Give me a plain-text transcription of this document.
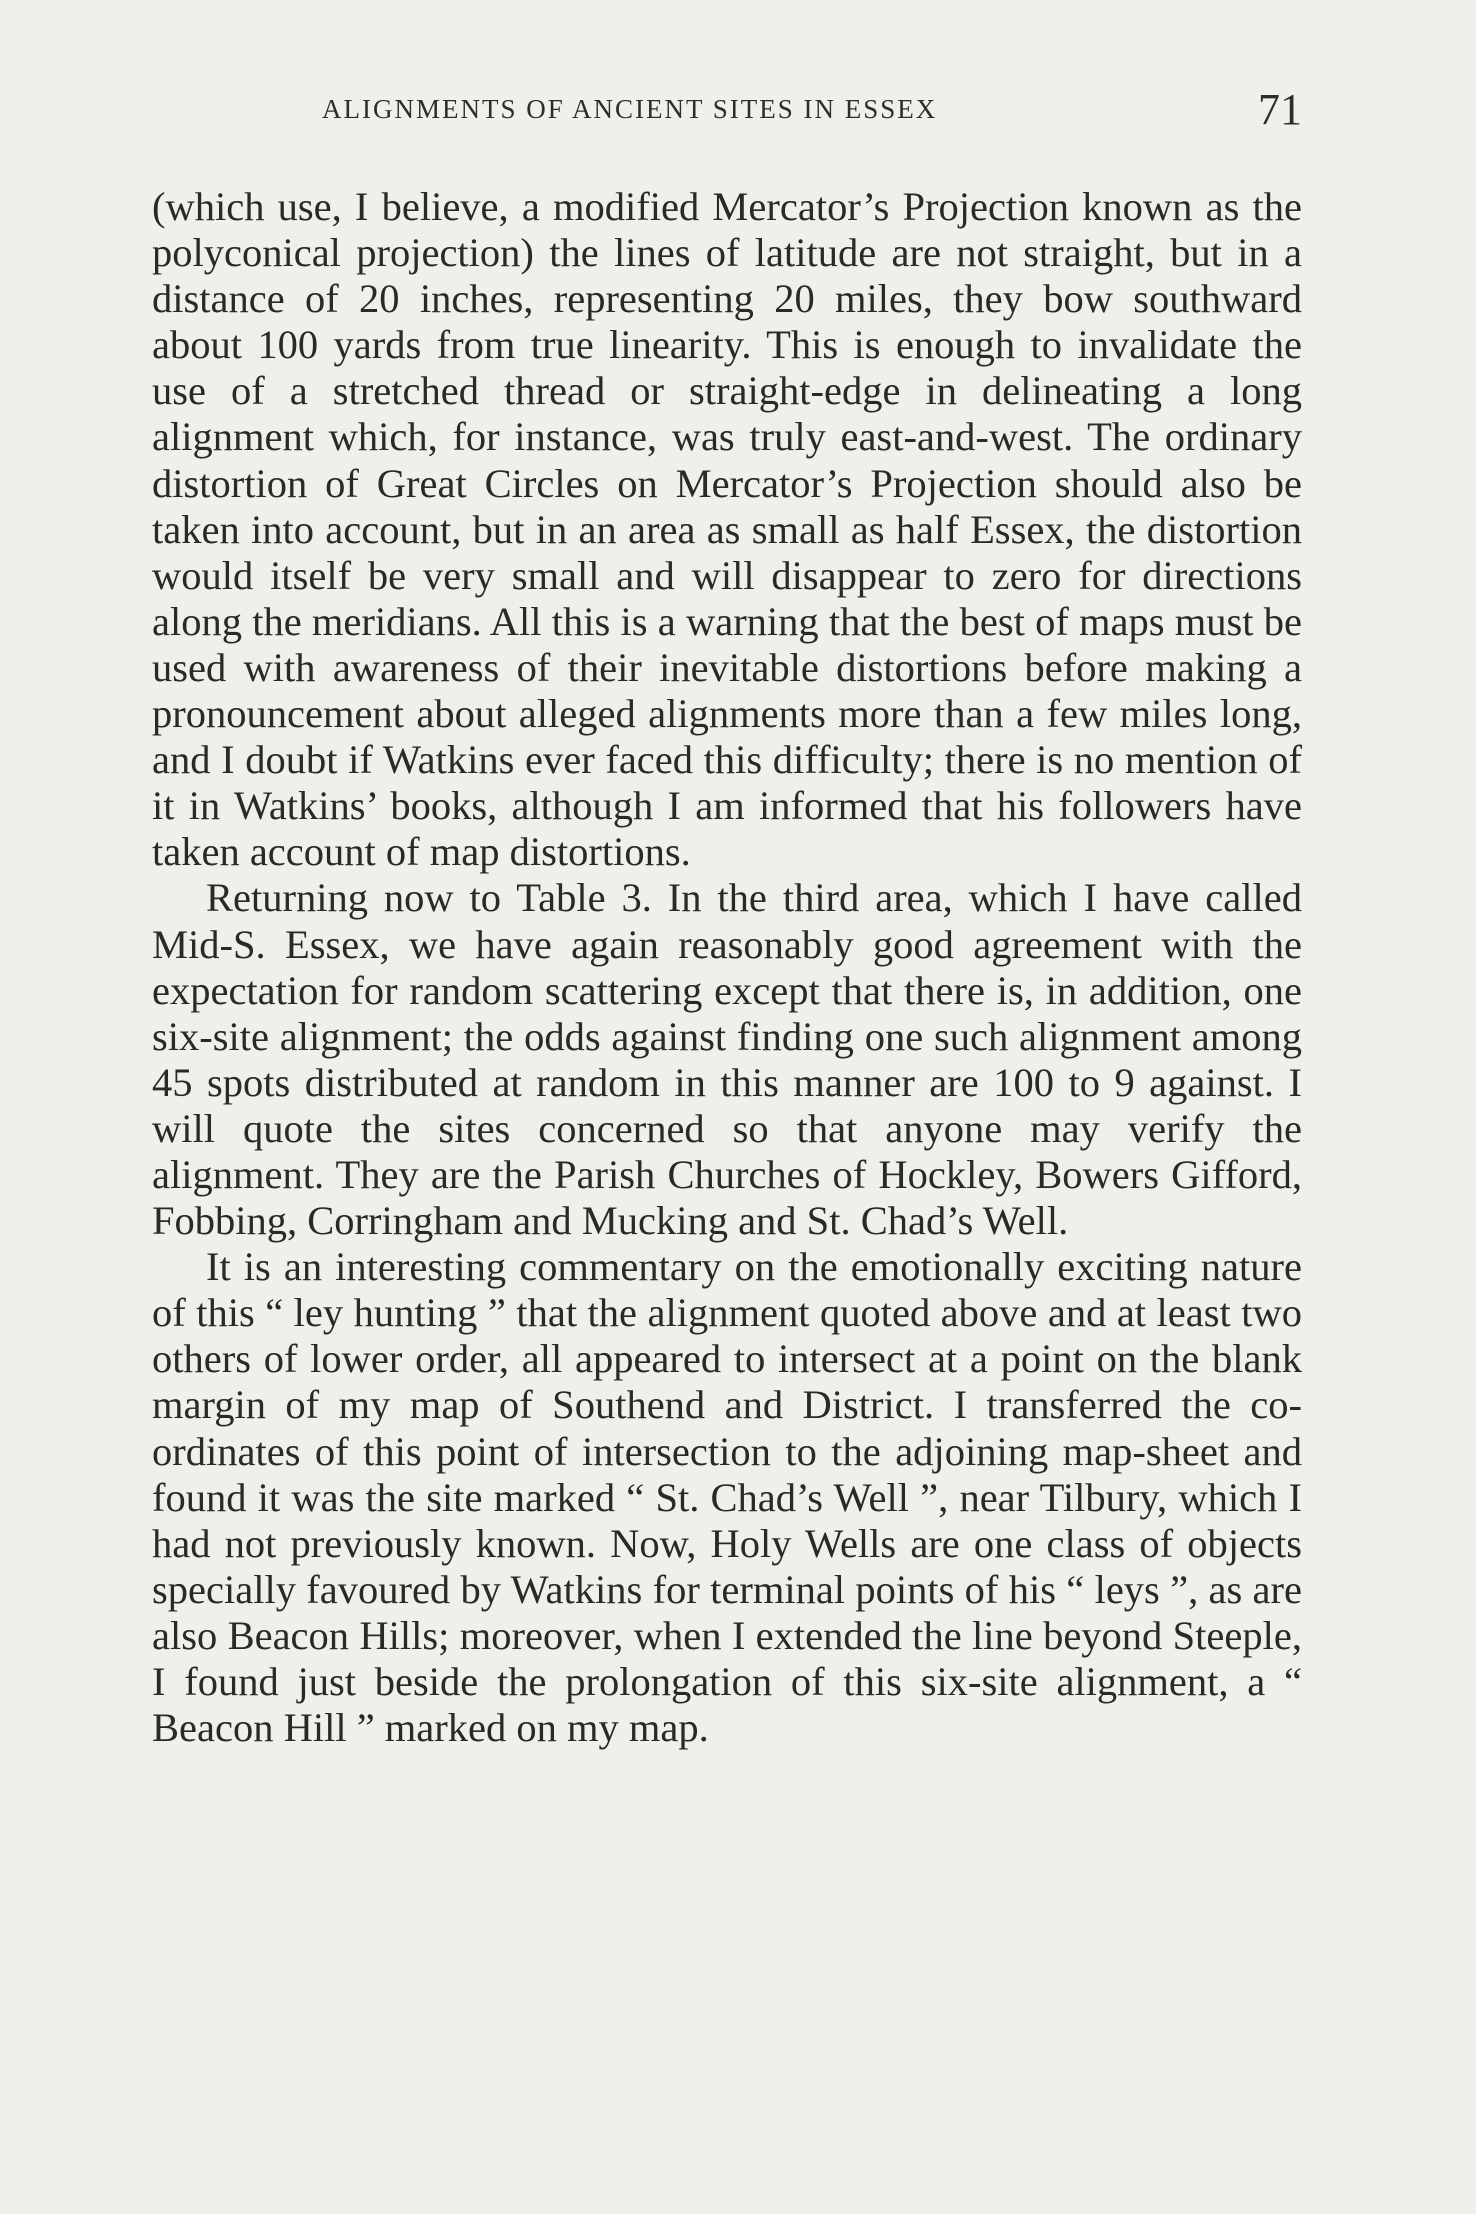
ALIGNMENTS OF ANCIENT SITES IN ESSEX	71

(which use, I believe, a modified Mercator’s Projection known as the polyconical projection) the lines of latitude are not straight, but in a distance of 20 inches, representing 20 miles, they bow southward about 100 yards from true linearity. This is enough to invalidate the use of a stretched thread or straight-edge in delineating a long alignment which, for instance, was truly east-and-west. The ordinary distortion of Great Circles on Mercator’s Projection should also be taken into account, but in an area as small as half Essex, the distortion would itself be very small and will disappear to zero for directions along the meridians. All this is a warning that the best of maps must be used with awareness of their inevitable distortions before making a pronouncement about alleged alignments more than a few miles long, and I doubt if Watkins ever faced this difficulty; there is no mention of it in Watkins’ books, although I am informed that his followers have taken account of map distortions.

Returning now to Table 3. In the third area, which I have called Mid-S. Essex, we have again reasonably good agreement with the expectation for random scattering except that there is, in addition, one six-site alignment; the odds against finding one such alignment among 45 spots distributed at random in this manner are 100 to 9 against. I will quote the sites concerned so that anyone may verify the alignment. They are the Parish Churches of Hockley, Bowers Gifford, Fobbing, Corringham and Mucking and St. Chad’s Well.

It is an interesting commentary on the emotionally exciting nature of this “ ley hunting ” that the alignment quoted above and at least two others of lower order, all appeared to intersect at a point on the blank margin of my map of Southend and District. I transferred the co-ordinates of this point of intersection to the adjoining map-sheet and found it was the site marked “ St. Chad’s Well ”, near Tilbury, which I had not previously known. Now, Holy Wells are one class of objects specially favoured by Watkins for terminal points of his “ leys ”, as are also Beacon Hills; moreover, when I extended the line beyond Steeple, I found just beside the prolongation of this six-site alignment, a “ Beacon Hill ” marked on my map.
